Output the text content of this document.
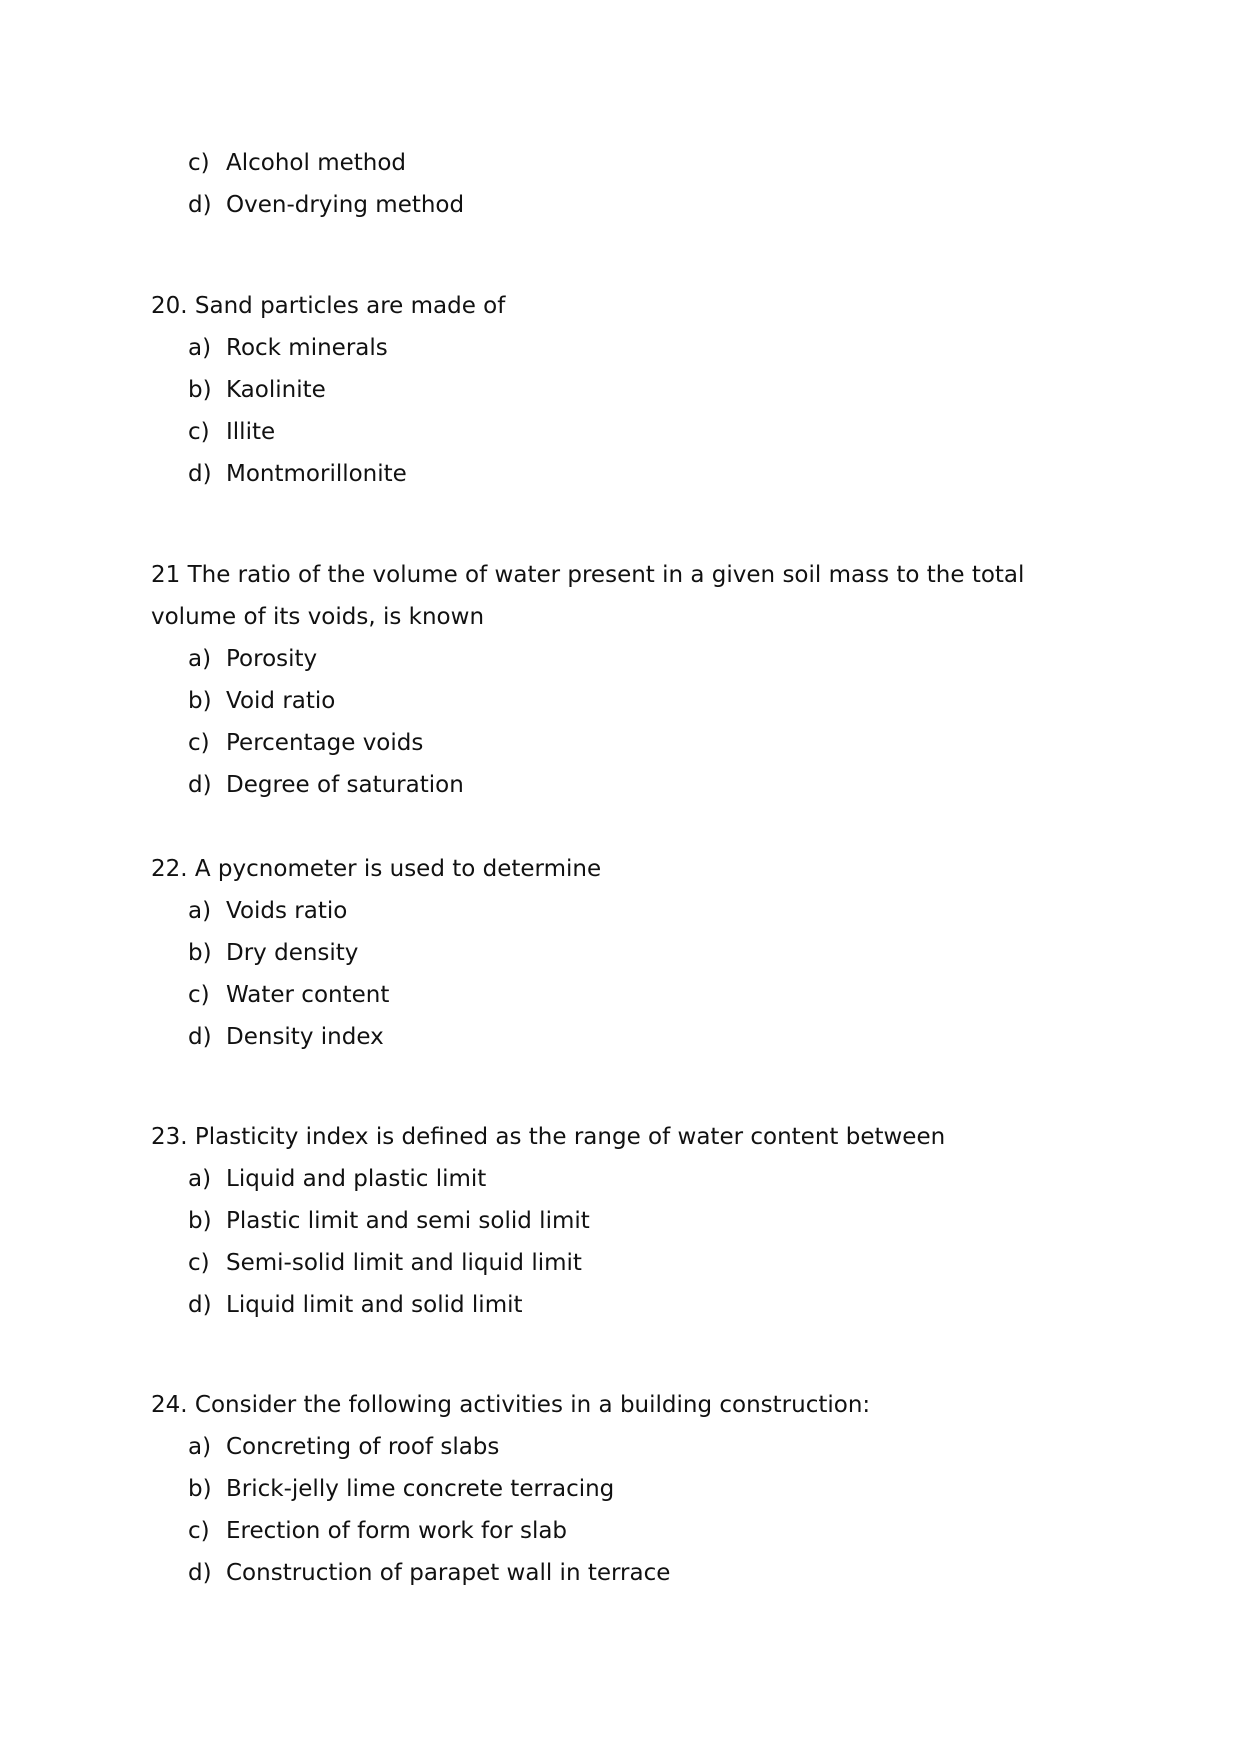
c) Alcohol method
d) Oven-drying method
20. Sand particles are made of
a) Rock minerals
b) Kaolinite
c) Illite
d) Montmorillonite
21 The ratio of the volume of water present in a given soil mass to the total volume of its voids, is known
a) Porosity
b) Void ratio
c) Percentage voids
d) Degree of saturation
22. A pycnometer is used to determine
a) Voids ratio
b) Dry density
c) Water content
d) Density index
23. Plasticity index is defined as the range of water content between
a) Liquid and plastic limit
b) Plastic limit and semi solid limit
c) Semi-solid limit and liquid limit
d) Liquid limit and solid limit
24. Consider the following activities in a building construction:
a) Concreting of roof slabs
b) Brick-jelly lime concrete terracing
c) Erection of form work for slab
d) Construction of parapet wall in terrace
